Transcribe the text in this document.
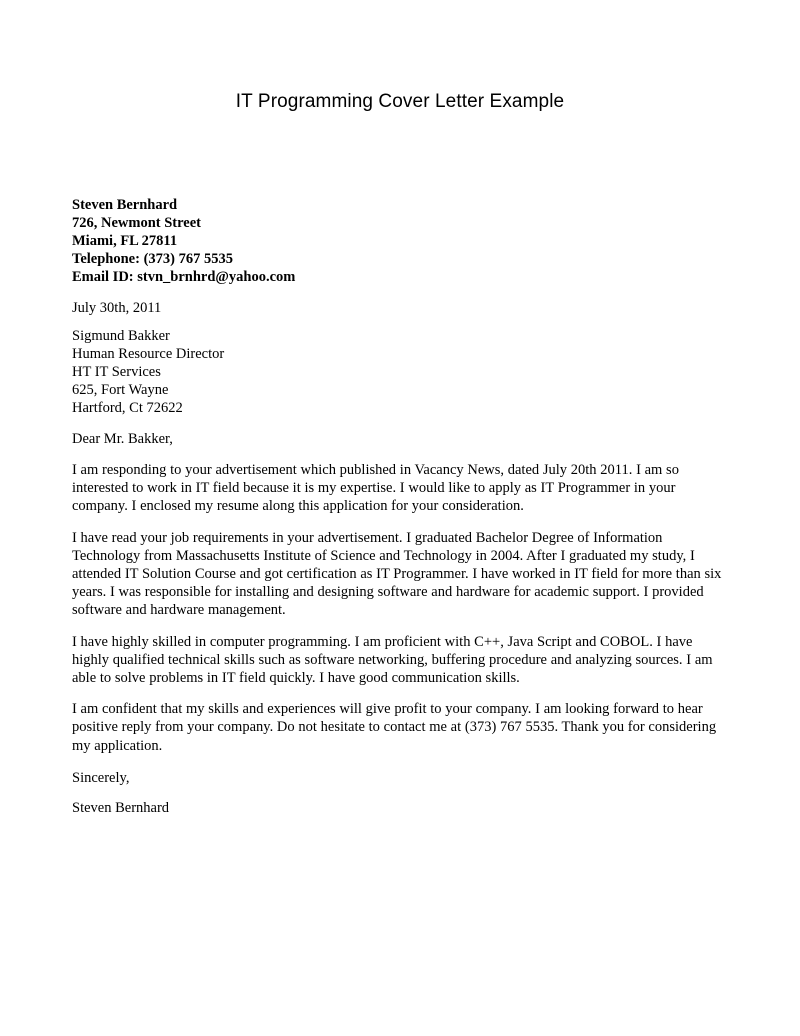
IT Programming Cover Letter Example
Steven Bernhard
726, Newmont Street
Miami, FL 27811
Telephone: (373) 767 5535
Email ID: stvn_brnhrd@yahoo.com
July 30th, 2011
Sigmund Bakker
Human Resource Director
HT IT Services
625, Fort Wayne
Hartford, Ct 72622
Dear Mr. Bakker,

I am responding to your advertisement which published in Vacancy News, dated July 20th 2011. I am so interested to work in IT field because it is my expertise. I would like to apply as IT Programmer in your company. I enclosed my resume along this application for your consideration.

I have read your job requirements in your advertisement. I graduated Bachelor Degree of Information Technology from Massachusetts Institute of Science and Technology in 2004. After I graduated my study, I attended IT Solution Course and got certification as IT Programmer. I have worked in IT field for more than six years. I was responsible for installing and designing software and hardware for academic support. I provided software and hardware management.

I have highly skilled in computer programming. I am proficient with C++, Java Script and COBOL. I have highly qualified technical skills such as software networking, buffering procedure and analyzing sources. I am able to solve problems in IT field quickly. I have good communication skills.

I am confident that my skills and experiences will give profit to your company. I am looking forward to hear positive reply from your company. Do not hesitate to contact me at (373) 767 5535. Thank you for considering my application.

Sincerely,
Steven Bernhard
